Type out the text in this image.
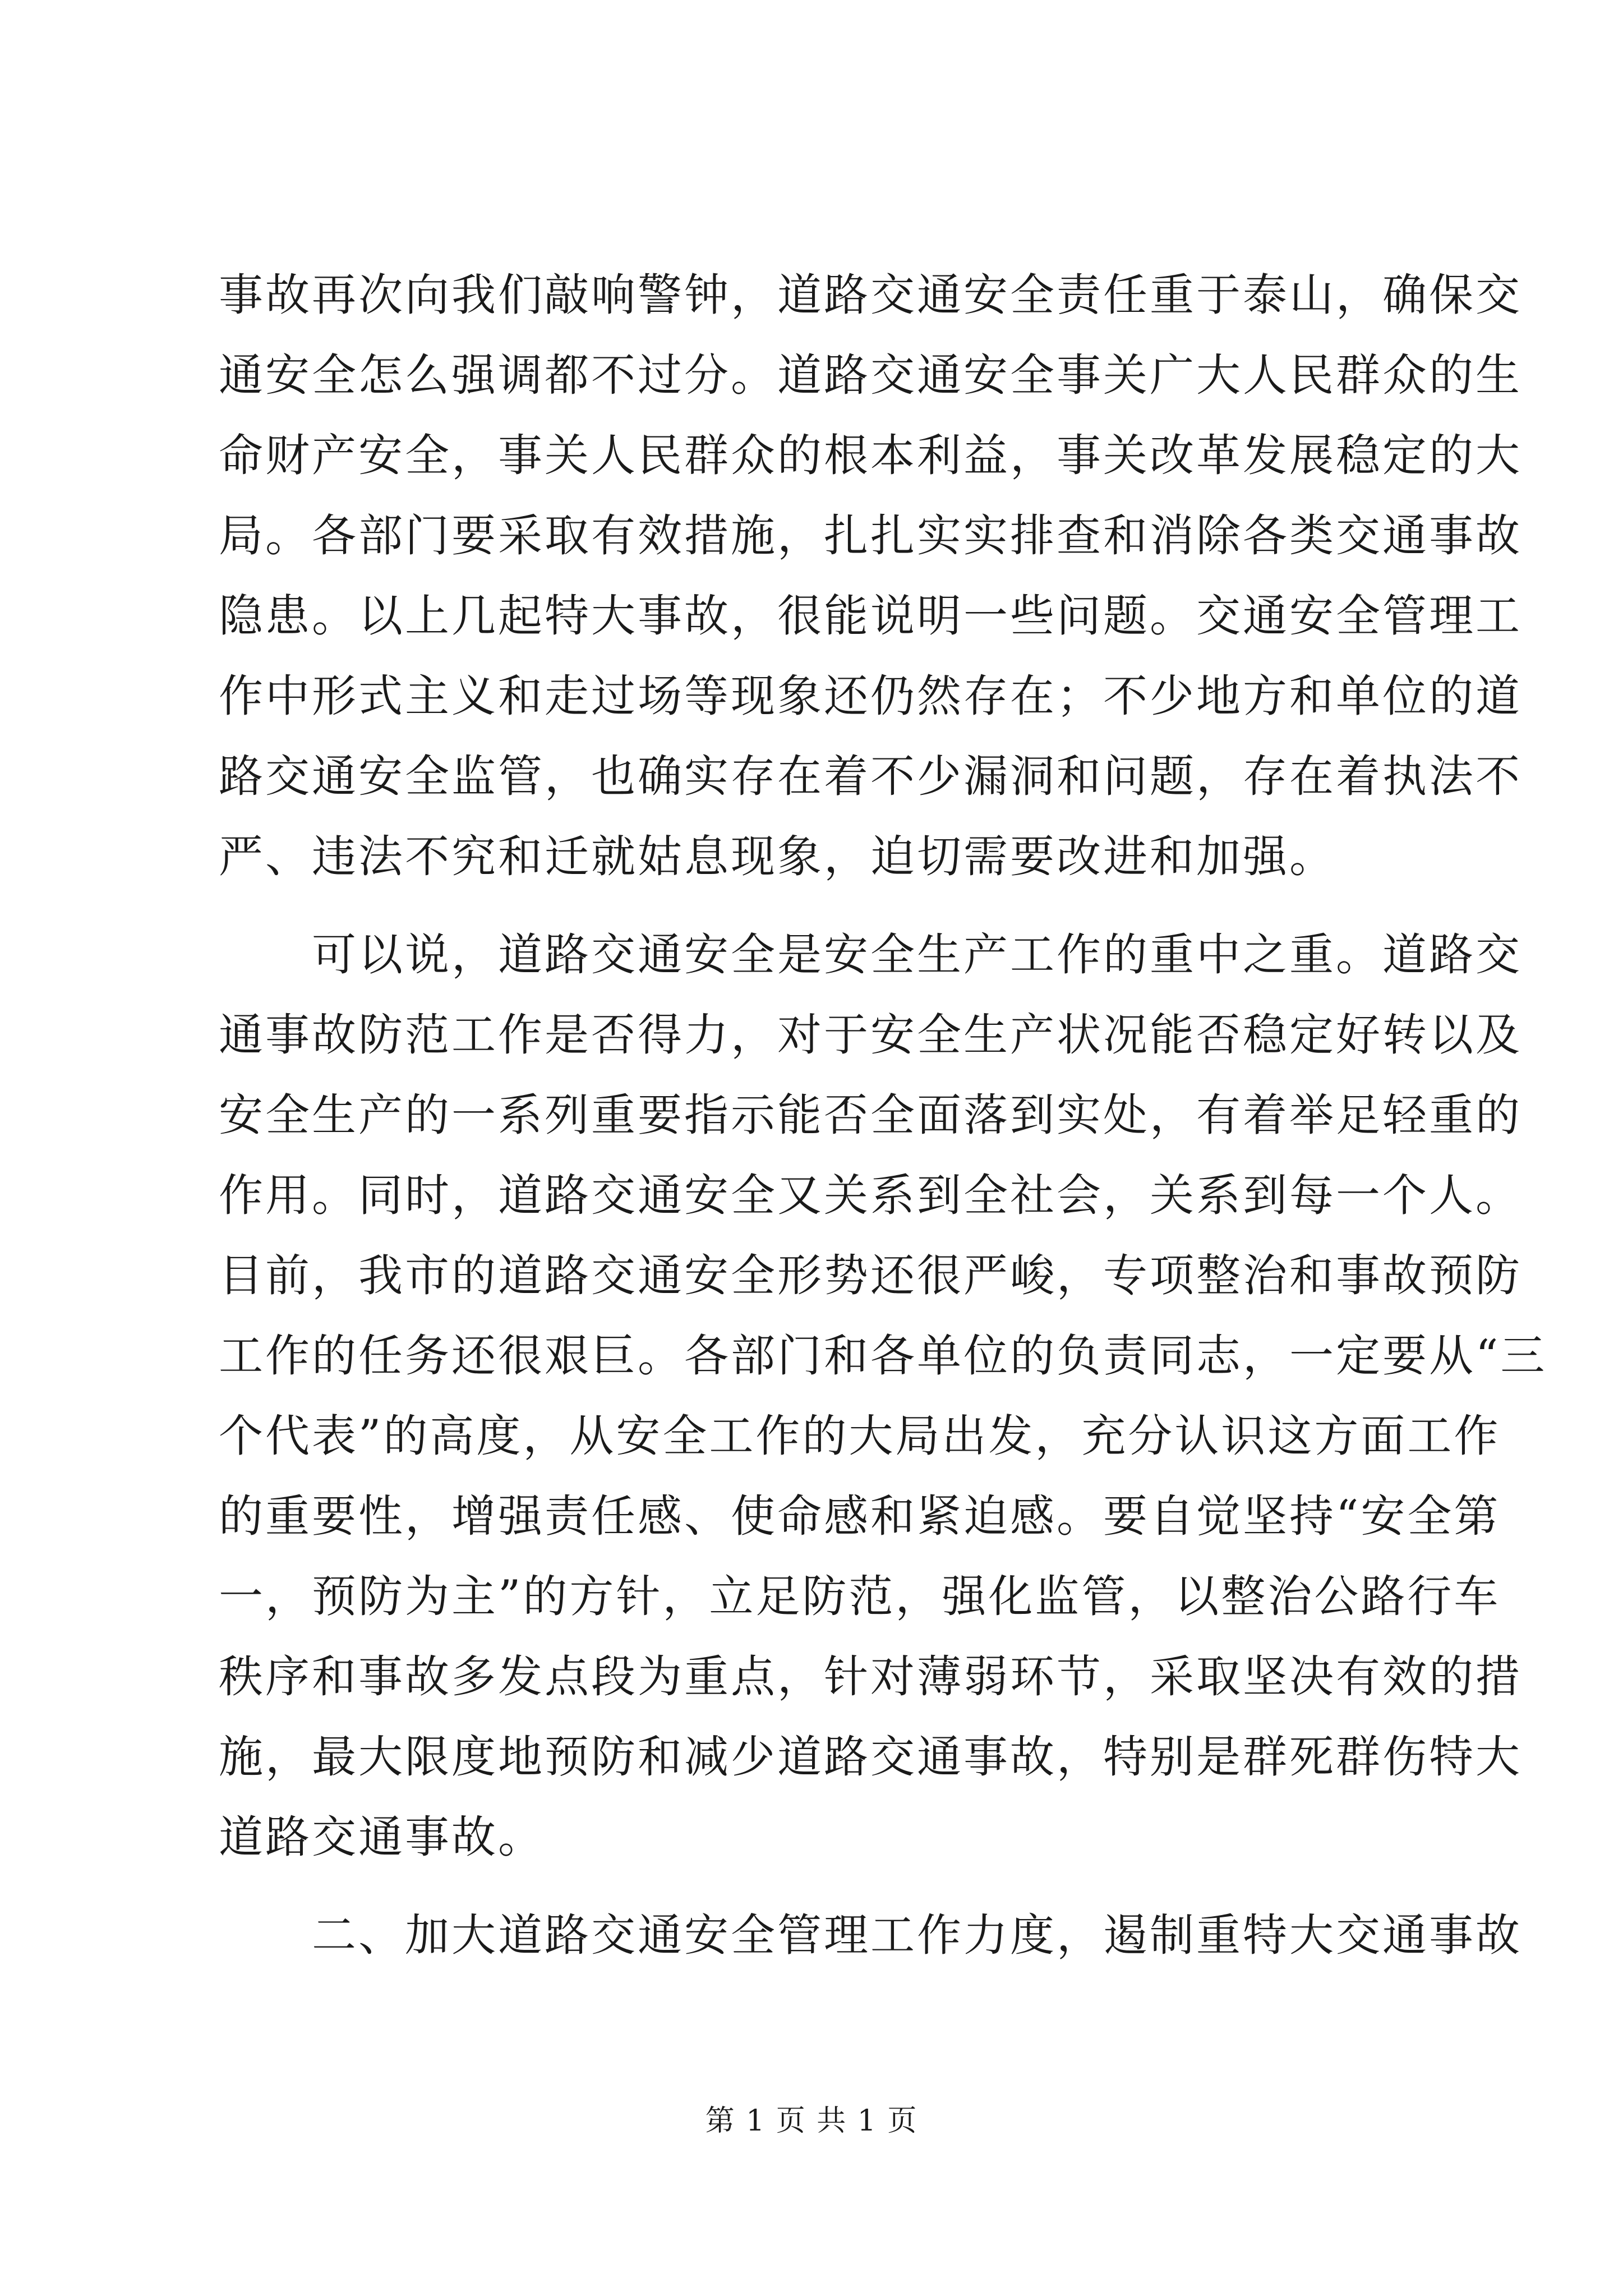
事故再次向我们敲响警钟，道路交通安全责任重于泰山，确保交
通安全怎么强调都不过分。道路交通安全事关广大人民群众的生
命财产安全，事关人民群众的根本利益，事关改革发展稳定的大
局。各部门要采取有效措施，扎扎实实排查和消除各类交通事故
隐患。以上几起特大事故，很能说明一些问题。交通安全管理工
作中形式主义和走过场等现象还仍然存在；不少地方和单位的道
路交通安全监管，也确实存在着不少漏洞和问题，存在着执法不
严、违法不究和迁就姑息现象，迫切需要改进和加强。
　　可以说，道路交通安全是安全生产工作的重中之重。道路交
通事故防范工作是否得力，对于安全生产状况能否稳定好转以及
安全生产的一系列重要指示能否全面落到实处，有着举足轻重的
作用。同时，道路交通安全又关系到全社会，关系到每一个人。
目前，我市的道路交通安全形势还很严峻，专项整治和事故预防
工作的任务还很艰巨。各部门和各单位的负责同志，一定要从“三
个代表”的高度，从安全工作的大局出发，充分认识这方面工作
的重要性，增强责任感、使命感和紧迫感。要自觉坚持“安全第
一，预防为主”的方针，立足防范，强化监管，以整治公路行车
秩序和事故多发点段为重点，针对薄弱环节，采取坚决有效的措
施，最大限度地预防和减少道路交通事故，特别是群死群伤特大
道路交通事故。
　　二、加大道路交通安全管理工作力度，遏制重特大交通事故
第 1 页 共 1 页
